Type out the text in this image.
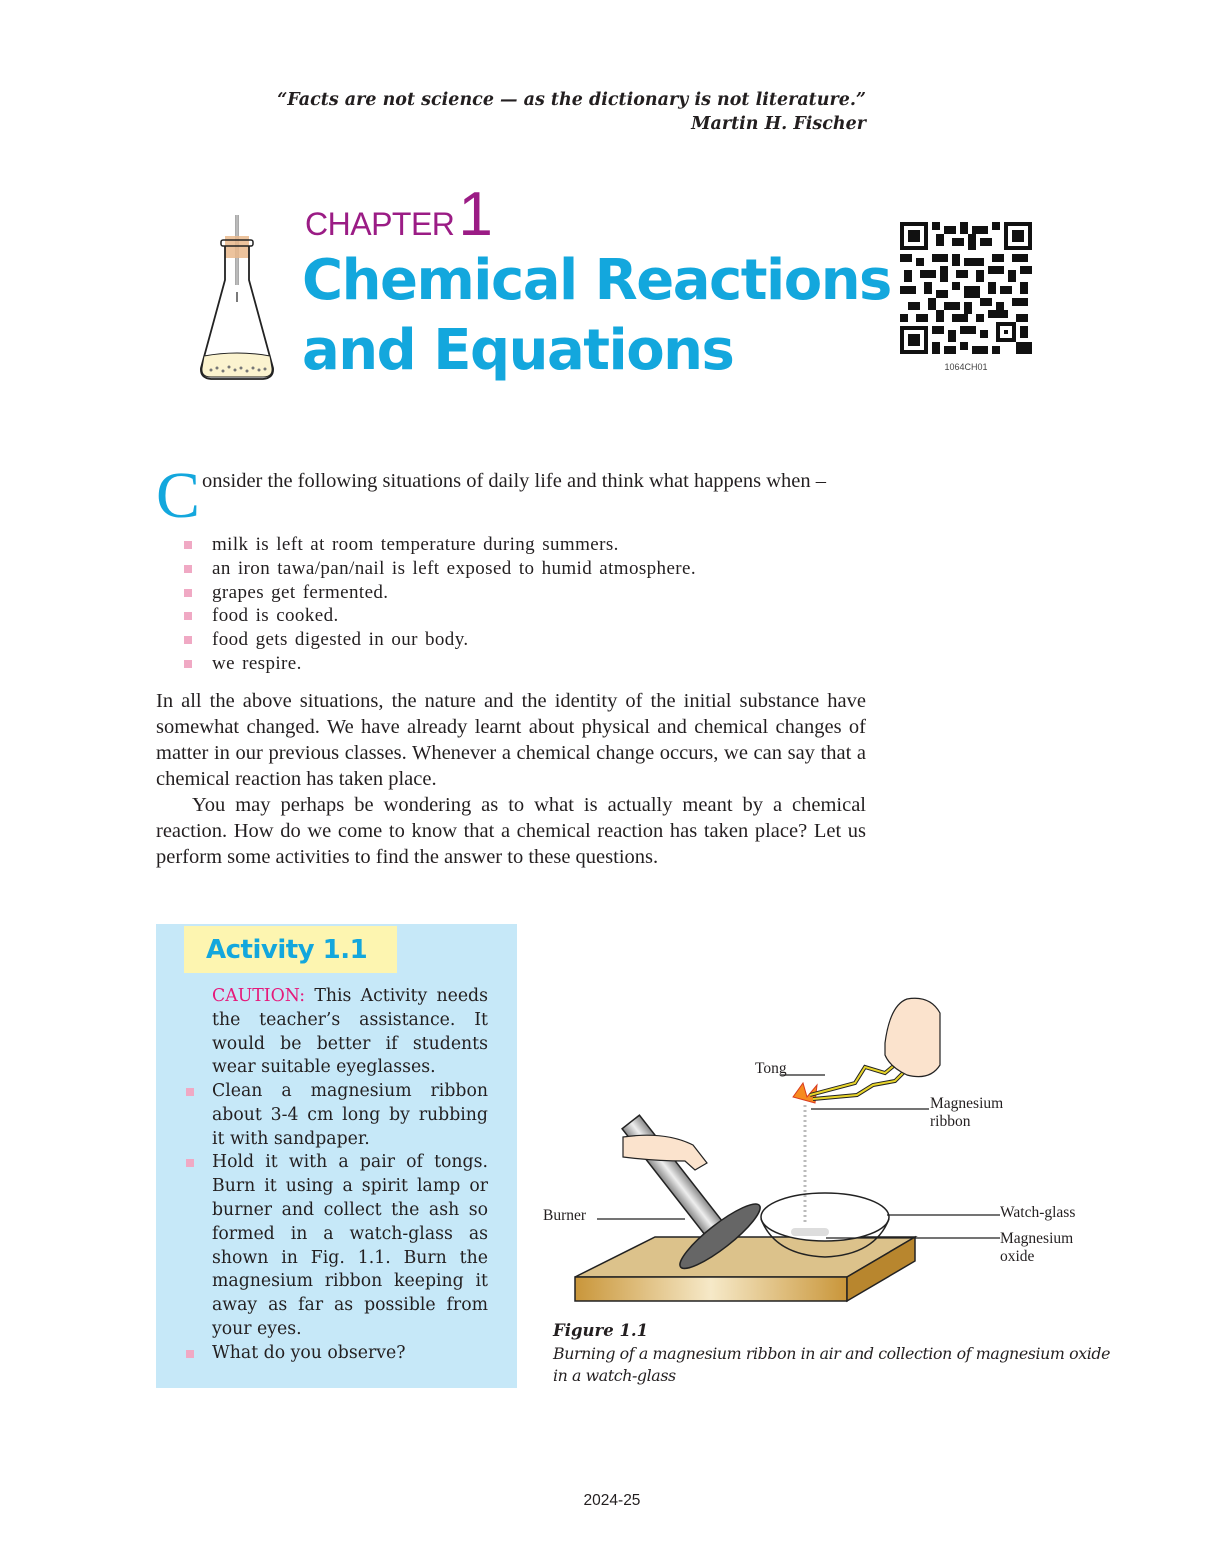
“Facts are not science — as the dictionary is not literature.”
Martin H. Fischer
CHAPTER1
Chemical Reactions
and Equations	1064CH01
Consider the following situations of daily life and think what happens when –
milk is left at room temperature during summers.
an iron tawa/pan/nail is left exposed to humid atmosphere.
grapes get fermented.
food is cooked.
food gets digested in our body.
we respire.

In all the above situations, the nature and the identity of the initial substance have somewhat changed. We have already learnt about physical and chemical changes of matter in our previous classes. Whenever a chemical change occurs, we can say that a chemical reaction has taken place.

You may perhaps be wondering as to what is actually meant by a chemical reaction. How do we come to know that a chemical reaction has taken place? Let us perform some activities to find the answer to these questions.

Activity 1.1

CAUTION: This Activity needs the teacher’s assistance. It would be better if students wear suitable eyeglasses.

Clean a magnesium ribbon about 3-4 cm long by rubbing it with sandpaper.
Hold it with a pair of tongs. Burn it using a spirit lamp or burner and collect the ash so formed in a watch-glass as shown in Fig. 1.1. Burn the magnesium ribbon keeping it away as far as possible from your eyes.
What do you observe?
Tong
Magnesium
ribbon
Burner	Watch-glass
Magnesium
oxide
Figure 1.1
Burning of a magnesium ribbon in air and collection of magnesium oxide in a watch-glass
2024-25
